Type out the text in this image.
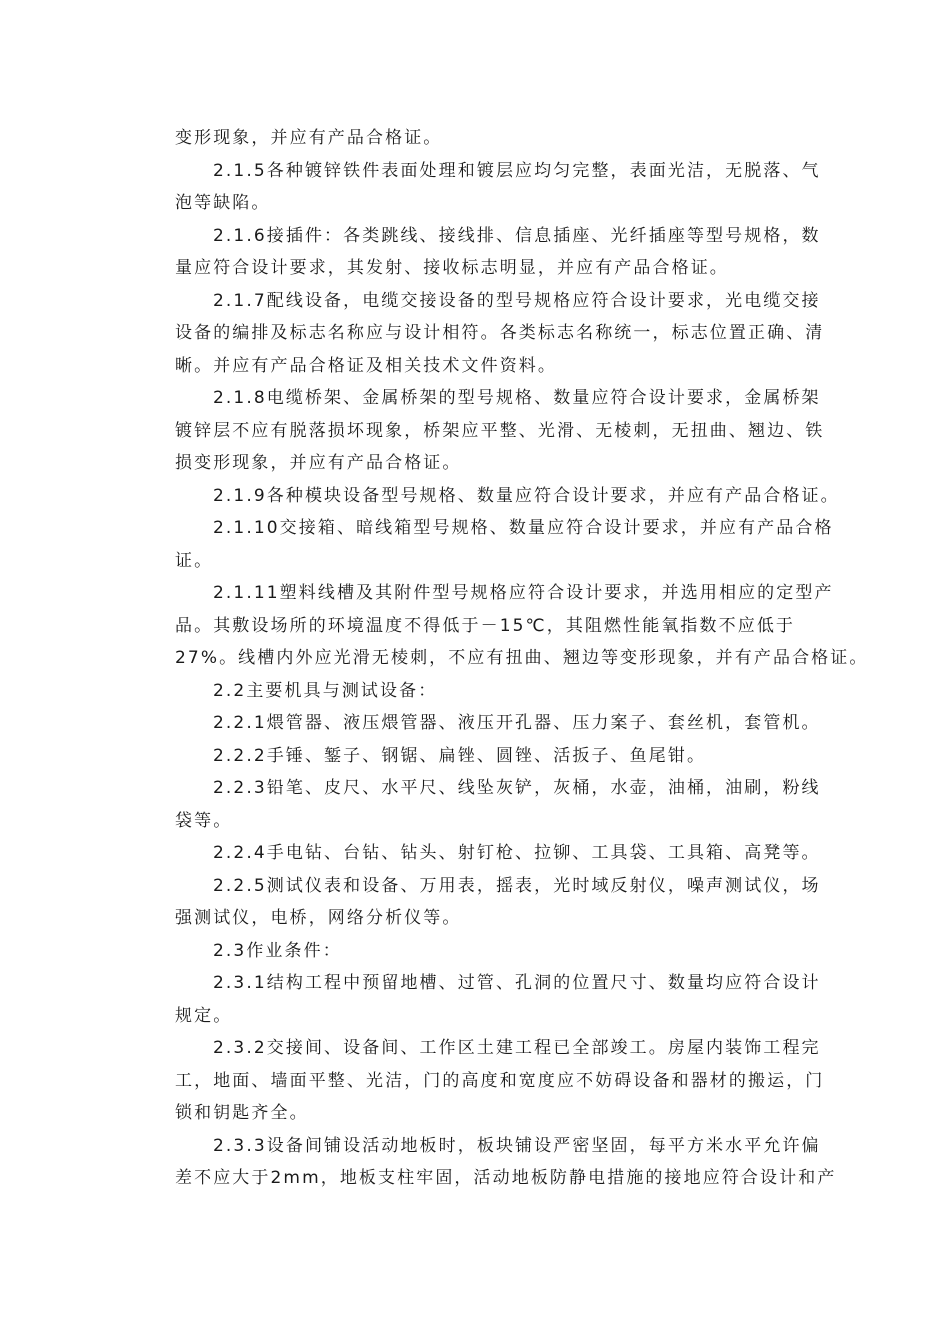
变形现象，并应有产品合格证。
2.1.5各种镀锌铁件表面处理和镀层应均匀完整，表面光洁，无脱落、气
泡等缺陷。
2.1.6接插件：各类跳线、接线排、信息插座、光纤插座等型号规格，数
量应符合设计要求，其发射、接收标志明显，并应有产品合格证。
2.1.7配线设备，电缆交接设备的型号规格应符合设计要求，光电缆交接
设备的编排及标志名称应与设计相符。各类标志名称统一，标志位置正确、清
晰。并应有产品合格证及相关技术文件资料。
2.1.8电缆桥架、金属桥架的型号规格、数量应符合设计要求，金属桥架
镀锌层不应有脱落损坏现象，桥架应平整、光滑、无棱刺，无扭曲、翘边、铁
损变形现象，并应有产品合格证。
2.1.9各种模块设备型号规格、数量应符合设计要求，并应有产品合格证。
2.1.10交接箱、暗线箱型号规格、数量应符合设计要求，并应有产品合格
证。
2.1.11塑料线槽及其附件型号规格应符合设计要求，并选用相应的定型产
品。其敷设场所的环境温度不得低于－15℃，其阻燃性能氧指数不应低于
27%。线槽内外应光滑无棱刺，不应有扭曲、翘边等变形现象，并有产品合格证。
2.2主要机具与测试设备：
2.2.1煨管器、液压煨管器、液压开孔器、压力案子、套丝机，套管机。
2.2.2手锤、錾子、钢锯、扁锉、圆锉、活扳子、鱼尾钳。
2.2.3铅笔、皮尺、水平尺、线坠灰铲，灰桶，水壶，油桶，油刷，粉线
袋等。
2.2.4手电钻、台钻、钻头、射钉枪、拉铆、工具袋、工具箱、高凳等。
2.2.5测试仪表和设备、万用表，摇表，光时域反射仪，噪声测试仪，场
强测试仪，电桥，网络分析仪等。
2.3作业条件：
2.3.1结构工程中预留地槽、过管、孔洞的位置尺寸、数量均应符合设计
规定。
2.3.2交接间、设备间、工作区土建工程已全部竣工。房屋内装饰工程完
工，地面、墙面平整、光洁，门的高度和宽度应不妨碍设备和器材的搬运，门
锁和钥匙齐全。
2.3.3设备间铺设活动地板时，板块铺设严密坚固，每平方米水平允许偏
差不应大于2mm，地板支柱牢固，活动地板防静电措施的接地应符合设计和产
